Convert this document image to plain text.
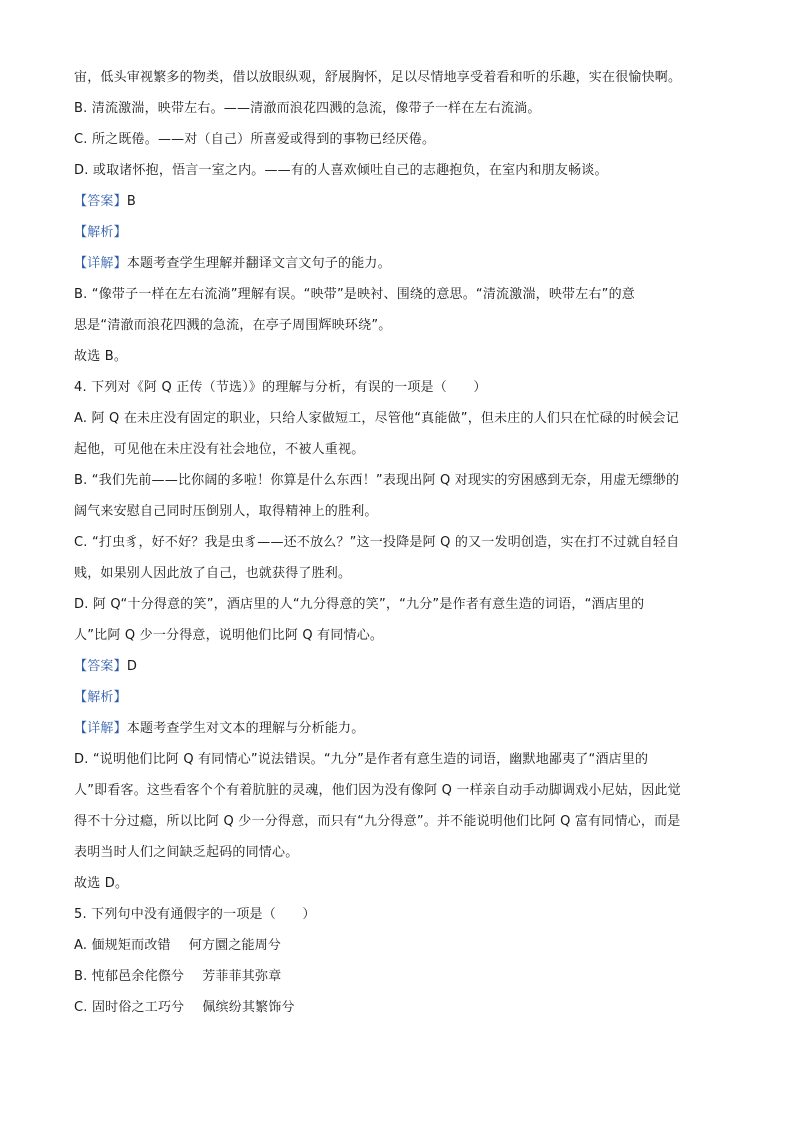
宙，低头审视繁多的物类，借以放眼纵观，舒展胸怀，足以尽情地享受着看和听的乐趣，实在很愉快啊。
B. 清流激湍，映带左右。——清澈而浪花四溅的急流，像带子一样在左右流淌。
C. 所之既倦。——对（自己）所喜爱或得到的事物已经厌倦。
D. 或取诸怀抱，悟言一室之内。——有的人喜欢倾吐自己的志趣抱负，在室内和朋友畅谈。
【答案】B
【解析】
【详解】本题考查学生理解并翻译文言文句子的能力。
B. “像带子一样在左右流淌”理解有误。“映带”是映衬、围绕的意思。“清流激湍，映带左右”的意
思是“清澈而浪花四溅的急流，在亭子周围辉映环绕”。
故选 B。
4. 下列对《阿 Q 正传（节选）》的理解与分析，有误的一项是（　　）
A. 阿 Q 在未庄没有固定的职业，只给人家做短工，尽管他“真能做”，但未庄的人们只在忙碌的时候会记
起他，可见他在未庄没有社会地位，不被人重视。
B. “我们先前——比你阔的多啦！你算是什么东西！”表现出阿 Q 对现实的穷困感到无奈，用虚无缥缈的
阔气来安慰自己同时压倒别人，取得精神上的胜利。
C. “打虫豸，好不好？我是虫豸——还不放么？”这一投降是阿 Q 的又一发明创造，实在打不过就自轻自
贱，如果别人因此放了自己，也就获得了胜利。
D. 阿 Q“十分得意的笑”，酒店里的人“九分得意的笑”，“九分”是作者有意生造的词语，“酒店里的
人”比阿 Q 少一分得意，说明他们比阿 Q 有同情心。
【答案】D
【解析】
【详解】本题考查学生对文本的理解与分析能力。
D. “说明他们比阿 Q 有同情心”说法错误。“九分”是作者有意生造的词语，幽默地鄙夷了“酒店里的
人”即看客。这些看客个个有着肮脏的灵魂，他们因为没有像阿 Q 一样亲自动手动脚调戏小尼姑，因此觉
得不十分过瘾，所以比阿 Q 少一分得意，而只有“九分得意”。并不能说明他们比阿 Q 富有同情心，而是
表明当时人们之间缺乏起码的同情心。
故选 D。
5. 下列句中没有通假字的一项是（　　）
A. 偭规矩而改错 何方圜之能周兮
B. 忳郁邑余侘傺兮 芳菲菲其弥章
C. 固时俗之工巧兮 佩缤纷其繁饰兮
